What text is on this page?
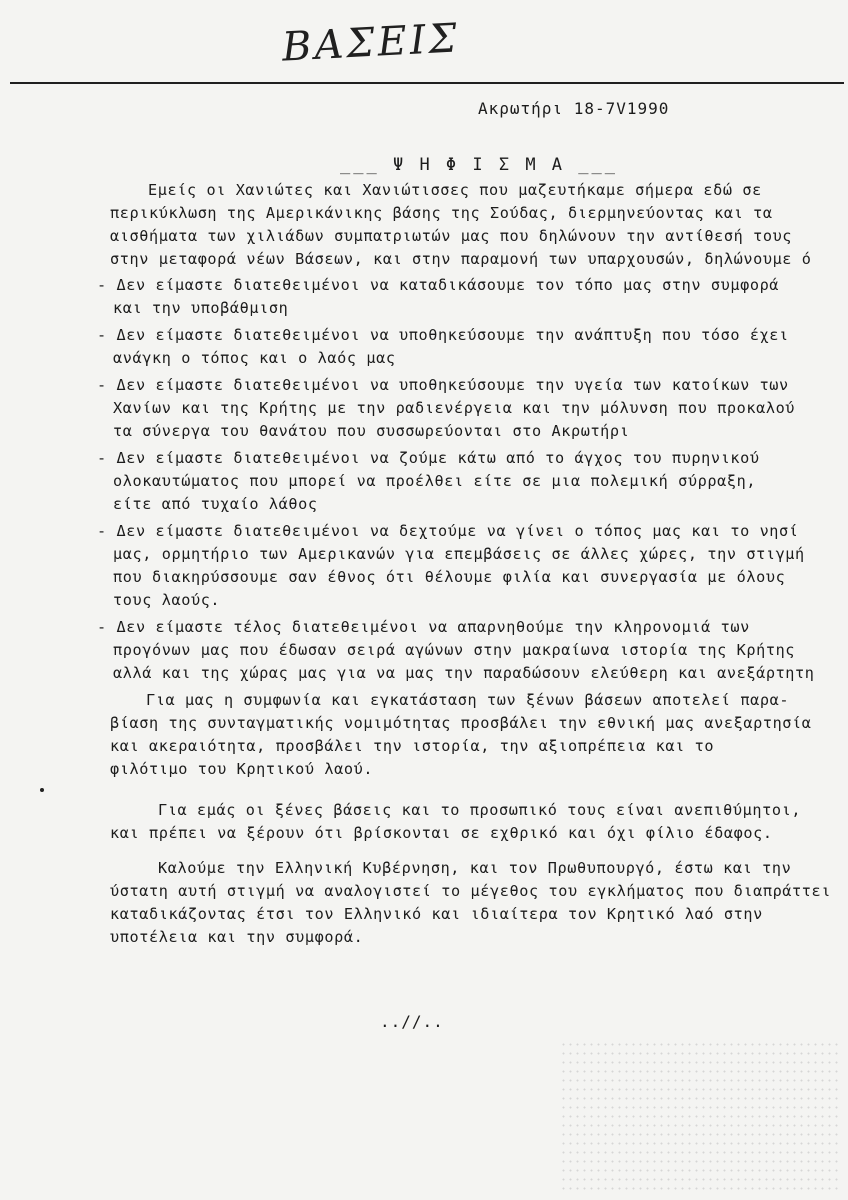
ΒΑΣΕΙΣ
Ακρωτήρι 18-7V1990
___ Ψ Η Φ Ι Σ Μ Α ___
Εμείς οι Χανιώτες και Χανιώτισσες που μαζευτήκαμε σήμερα εδώ σε
περικύκλωση της Αμερικάνικης βάσης της Σούδας, διερμηνεύοντας και τα
αισθήματα των χιλιάδων συμπατριωτών μας που δηλώνουν την αντίθεσή τους
στην μεταφορά νέων Βάσεων, και στην παραμονή των υπαρχουσών, δηλώνουμε ό
- Δεν είμαστε διατεθειμένοι να καταδικάσουμε τον τόπο μας στην συμφορά
και την υποβάθμιση
- Δεν είμαστε διατεθειμένοι να υποθηκεύσουμε την ανάπτυξη που τόσο έχει
ανάγκη ο τόπος και ο λαός μας
- Δεν είμαστε διατεθειμένοι να υποθηκεύσουμε την υγεία των κατοίκων των
Χανίων και της Κρήτης με την ραδιενέργεια και την μόλυνση που προκαλού
τα σύνεργα του θανάτου που συσσωρεύονται στο Ακρωτήρι
- Δεν είμαστε διατεθειμένοι να ζούμε κάτω από το άγχος του πυρηνικού
ολοκαυτώματος που μπορεί να προέλθει είτε σε μια πολεμική σύρραξη,
είτε από τυχαίο λάθος
- Δεν είμαστε διατεθειμένοι να δεχτούμε να γίνει ο τόπος μας και το νησί
μας, ορμητήριο των Αμερικανών για επεμβάσεις σε άλλες χώρες, την στιγμή
που διακηρύσσουμε σαν έθνος ότι θέλουμε φιλία και συνεργασία με όλους
τους λαούς.
- Δεν είμαστε τέλος διατεθειμένοι να απαρνηθούμε την κληρονομιά των
προγόνων μας που έδωσαν σειρά αγώνων στην μακραίωνα ιστορία της Κρήτης
αλλά και της χώρας μας για να μας την παραδώσουν ελεύθερη και ανεξάρτητη
Για μας η συμφωνία και εγκατάσταση των ξένων βάσεων αποτελεί παρα-
βίαση της συνταγματικής νομιμότητας προσβάλει την εθνική μας ανεξαρτησία
και ακεραιότητα, προσβάλει την ιστορία, την αξιοπρέπεια και το
φιλότιμο του Κρητικού λαού.
Για εμάς οι ξένες βάσεις και το προσωπικό τους είναι ανεπιθύμητοι,
και πρέπει να ξέρουν ότι βρίσκονται σε εχθρικό και όχι φίλιο έδαφος.
Καλούμε την Ελληνική Κυβέρνηση, και τον Πρωθυπουργό, έστω και την
ύστατη αυτή στιγμή να αναλογιστεί το μέγεθος του εγκλήματος που διαπράττει
καταδικάζοντας έτσι τον Ελληνικό και ιδιαίτερα τον Κρητικό λαό στην
υποτέλεια και την συμφορά.
..//..
